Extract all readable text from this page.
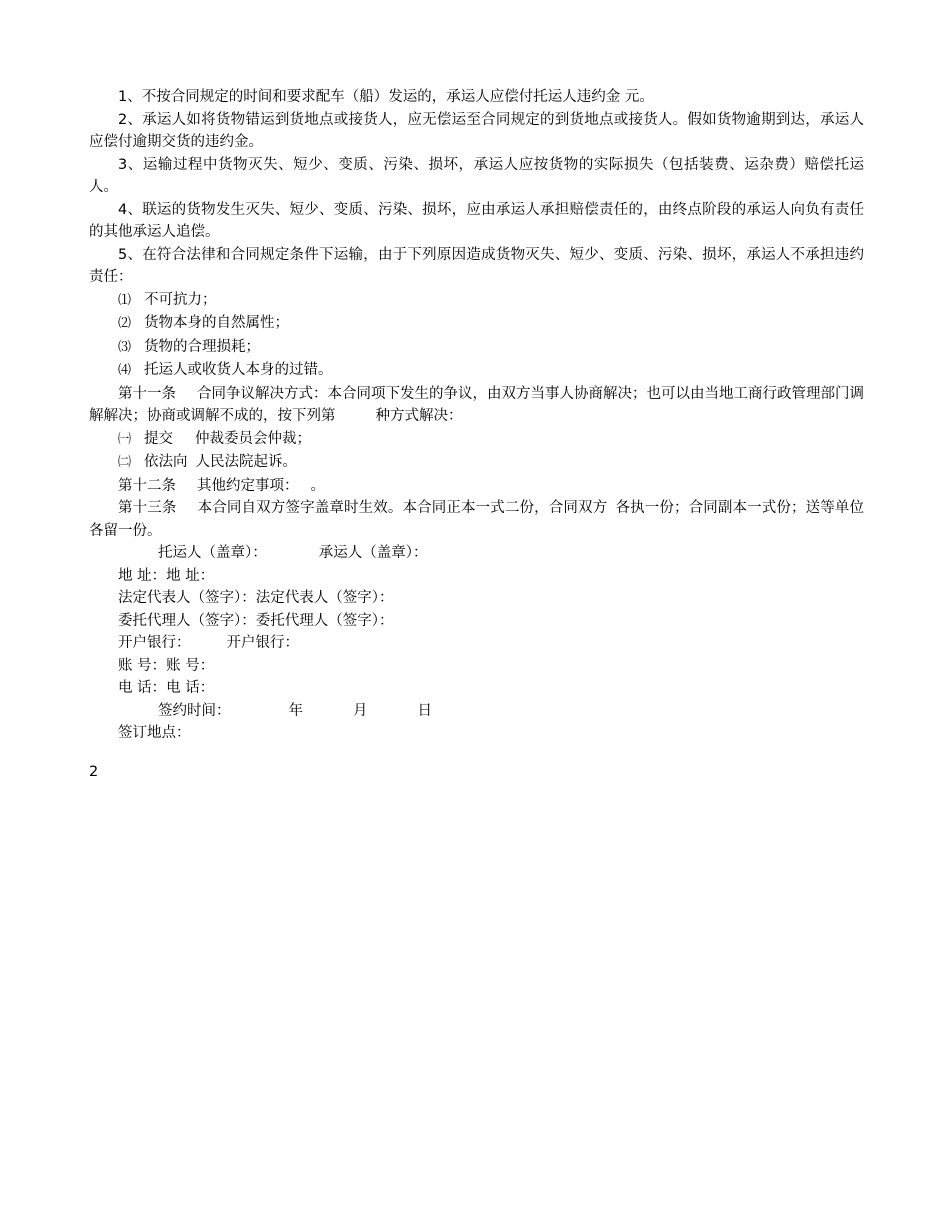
1、不按合同规定的时间和要求配车（船）发运的，承运人应偿付托运人违约金 元。

2、承运人如将货物错运到货地点或接货人，应无偿运至合同规定的到货地点或接货人。假如货物逾期到达，承运人应偿付逾期交货的违约金。

3、运输过程中货物灭失、短少、变质、污染、损坏，承运人应按货物的实际损失（包括装费、运杂费）赔偿托运人。

4、联运的货物发生灭失、短少、变质、污染、损坏，应由承运人承担赔偿责任的，由终点阶段的承运人向负有责任的其他承运人追偿。

5、在符合法律和合同规定条件下运输，由于下列原因造成货物灭失、短少、变质、污染、损坏，承运人不承担违约责任：

⑴ 不可抗力；

⑵ 货物本身的自然属性；

⑶ 货物的合理损耗；

⑷ 托运人或收货人本身的过错。

第十一条 合同争议解决方式：本合同项下发生的争议，由双方当事人协商解决；也可以由当地工商行政管理部门调解解决；协商或调解不成的，按下列第	种方式解决：

㈠ 提交 仲裁委员会仲裁；

㈡ 依法向 人民法院起诉。

第十二条 其他约定事项： 。

第十三条 本合同自双方签字盖章时生效。本合同正本一式二份，合同双方 各执一份；合同副本一式份；送等单位各留一份。

托运人（盖章）：	承运人（盖章）：

地 址：地 址：

法定代表人（签字）：法定代表人（签字）：

委托代理人（签字）：委托代理人（签字）：

开户银行： 开户银行：

账 号：账 号：

电 话：电 话：

签约时间：	年	月	日

签订地点：

2
